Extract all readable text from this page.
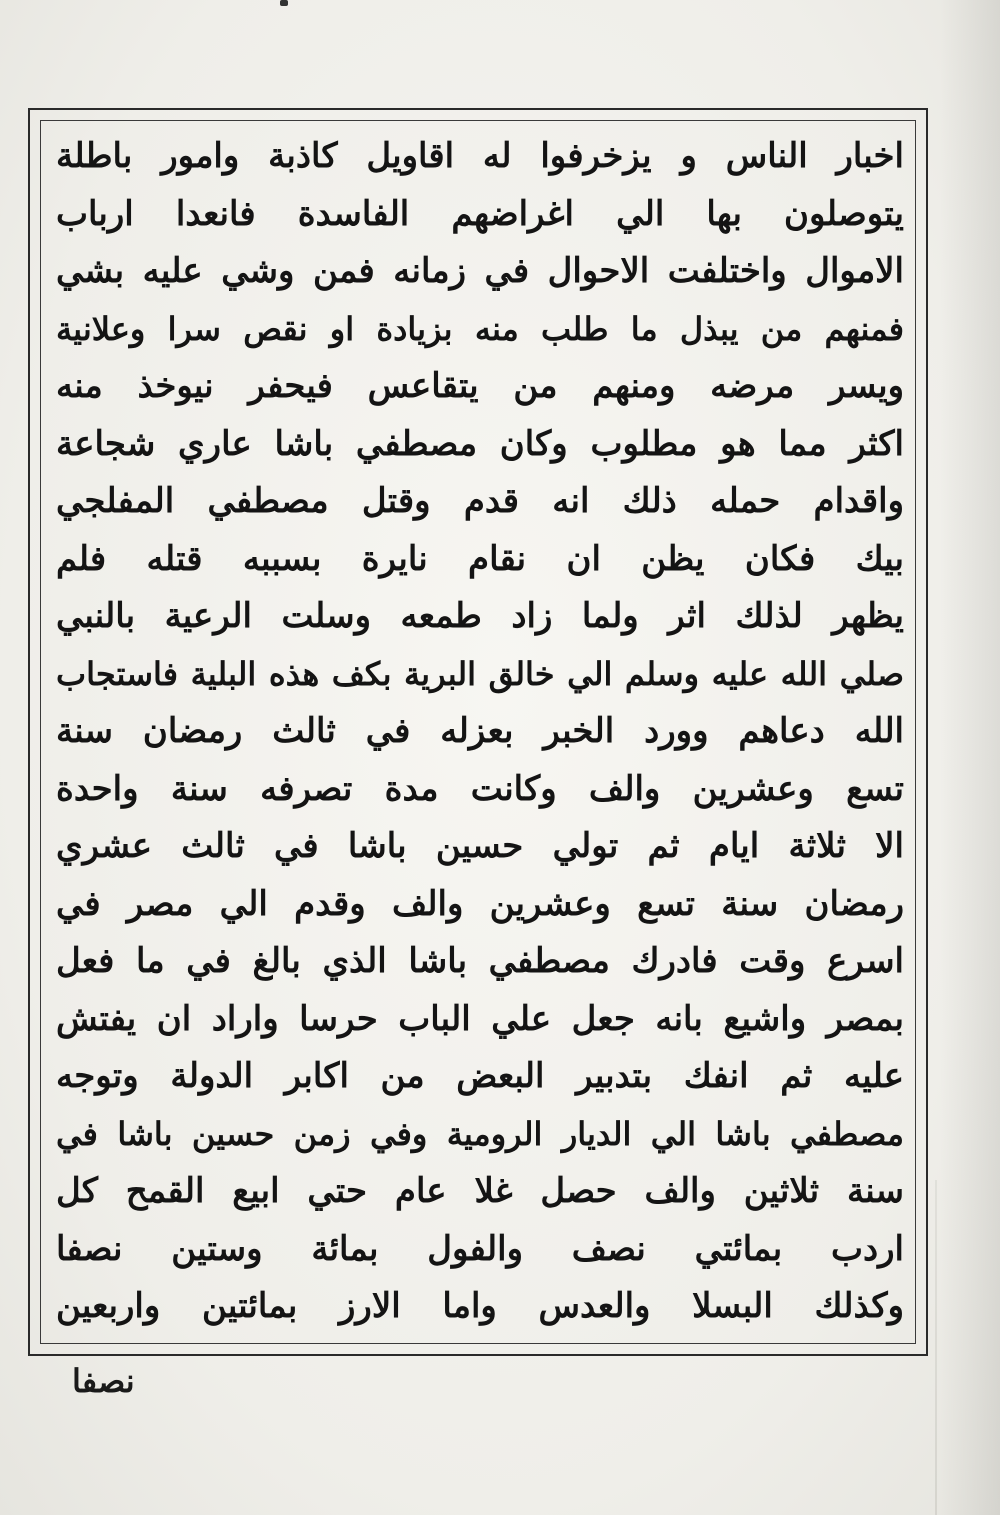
اخبار الناس و يزخرفوا له اقاويل كاذبة وامور باطلة
يتوصلون بها الي اغراضهم الفاسدة فانعدا ارباب
الاموال واختلفت الاحوال في زمانه فمن وشي عليه بشي
فمنهم من يبذل ما طلب منه بزيادة او نقص سرا وعلانية
ويسر مرضه ومنهم من يتقاعس فيحفر نيوخذ منه
اكثر مما هو مطلوب وكان مصطفي باشا عاري شجاعة
واقدام حمله ذلك انه قدم وقتل مصطفي المفلجي
بيك فكان يظن ان نقام نايرة بسببه قتله فلم
يظهر لذلك اثر ولما زاد طمعه وسلت الرعية بالنبي
صلي الله عليه وسلم الي خالق البرية بكف هذه البلية فاستجاب
الله دعاهم وورد الخبر بعزله في ثالث رمضان سنة
تسع وعشرين والف وكانت مدة تصرفه سنة واحدة
الا ثلاثة ايام ثم تولي حسين باشا في ثالث عشري
رمضان سنة تسع وعشرين والف وقدم الي مصر في
اسرع وقت فادرك مصطفي باشا الذي بالغ في ما فعل
بمصر واشيع بانه جعل علي الباب حرسا واراد ان يفتش
عليه ثم انفك بتدبير البعض من اكابر الدولة وتوجه
مصطفي باشا الي الديار الرومية وفي زمن حسين باشا في
سنة ثلاثين والف حصل غلا عام حتي ابيع القمح كل
اردب بمائتي نصف والفول بمائة وستين نصفا
وكذلك البسلا والعدس واما الارز بمائتين واربعين
نصفا
